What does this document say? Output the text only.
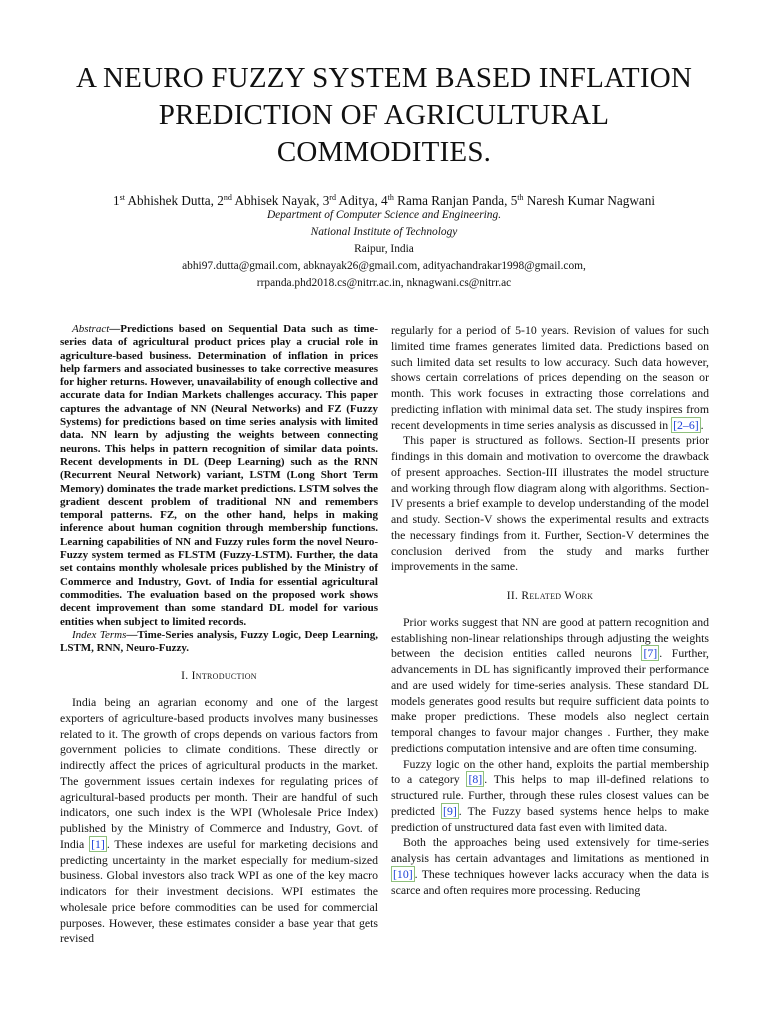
A NEURO FUZZY SYSTEM BASED INFLATION
PREDICTION OF AGRICULTURAL
COMMODITIES.
1st Abhishek Dutta, 2nd Abhisek Nayak, 3rd Aditya, 4th Rama Ranjan Panda, 5th Naresh Kumar Nagwani
Department of Computer Science and Engineering.
National Institute of Technology
Raipur, India
abhi97.dutta@gmail.com, abknayak26@gmail.com, adityachandrakar1998@gmail.com,
rrpanda.phd2018.cs@nitrr.ac.in, nknagwani.cs@nitrr.ac

Abstract—Predictions based on Sequential Data such as time-series data of agricultural product prices play a crucial role in agriculture-based business. Determination of inflation in prices help farmers and associated businesses to take corrective measures for higher returns. However, unavailability of enough collective and accurate data for Indian Markets challenges accuracy. This paper captures the advantage of NN (Neural Networks) and FZ (Fuzzy Systems) for predictions based on time series analysis with limited data. NN learn by adjusting the weights between connecting neurons. This helps in pattern recognition of similar data points. Recent developments in DL (Deep Learning) such as the RNN (Recurrent Neural Network) variant, LSTM (Long Short Term Memory) dominates the trade market predictions. LSTM solves the gradient descent problem of traditional NN and remembers temporal patterns. FZ, on the other hand, helps in making inference about human cognition through membership functions. Learning capabilities of NN and Fuzzy rules form the novel Neuro-Fuzzy system termed as FLSTM (Fuzzy-LSTM). Further, the data set contains monthly wholesale prices published by the Ministry of Commerce and Industry, Govt. of India for essential agricultural commodities. The evaluation based on the proposed work shows decent improvement than some standard DL model for various entities when subject to limited records.

Index Terms—Time-Series analysis, Fuzzy Logic, Deep Learning, LSTM, RNN, Neuro-Fuzzy.

I. Introduction

India being an agrarian economy and one of the largest exporters of agriculture-based products involves many businesses related to it. The growth of crops depends on various factors from government policies to climate conditions. These directly or indirectly affect the prices of agricultural products in the market. The government issues certain indexes for regulating prices of agricultural-based products per month. Their are handful of such indicators, one such index is the WPI (Wholesale Price Index) published by the Ministry of Commerce and Industry, Govt. of India [1] . These indexes are useful for marketing decisions and predicting uncertainty in the market especially for medium-sized business. Global investors also track WPI as one of the key macro indicators for their investment decisions. WPI estimates the wholesale price before commodities can be used for commercial purposes. However, these estimates consider a base year that gets revised

regularly for a period of 5-10 years. Revision of values for such limited time frames generates limited data. Predictions based on such limited data set results to low accuracy. Such data however, shows certain correlations of prices depending on the season or month. This work focuses in extracting those correlations and predicting inflation with minimal data set. The study inspires from recent developments in time series analysis as discussed in [2–6] .

This paper is structured as follows. Section-II presents prior findings in this domain and motivation to overcome the drawback of present approaches. Section-III illustrates the model structure and working through flow diagram along with algorithms. Section-IV presents a brief example to develop understanding of the model and study. Section-V shows the experimental results and extracts the necessary findings from it. Further, Section-V determines the conclusion derived from the study and marks further improvements in the same.

II. Related Work

Prior works suggest that NN are good at pattern recognition and establishing non-linear relationships through adjusting the weights between the decision entities called neurons [7] . Further, advancements in DL has significantly improved their performance and are used widely for time-series analysis. These standard DL models generates good results but require sufficient data points to make proper predictions. These models also neglect certain temporal changes to favour major changes . Further, they make predictions computation intensive and are often time consuming.

Fuzzy logic on the other hand, exploits the partial membership to a category [8] . This helps to map ill-defined relations to structured rule. Further, through these rules closest values can be predicted [9] . The Fuzzy based systems hence helps to make prediction of unstructured data fast even with limited data.

Both the approaches being used extensively for time-series analysis has certain advantages and limitations as mentioned in [10] . These techniques however lacks accuracy when the data is scarce and often requires more processing. Reducing
